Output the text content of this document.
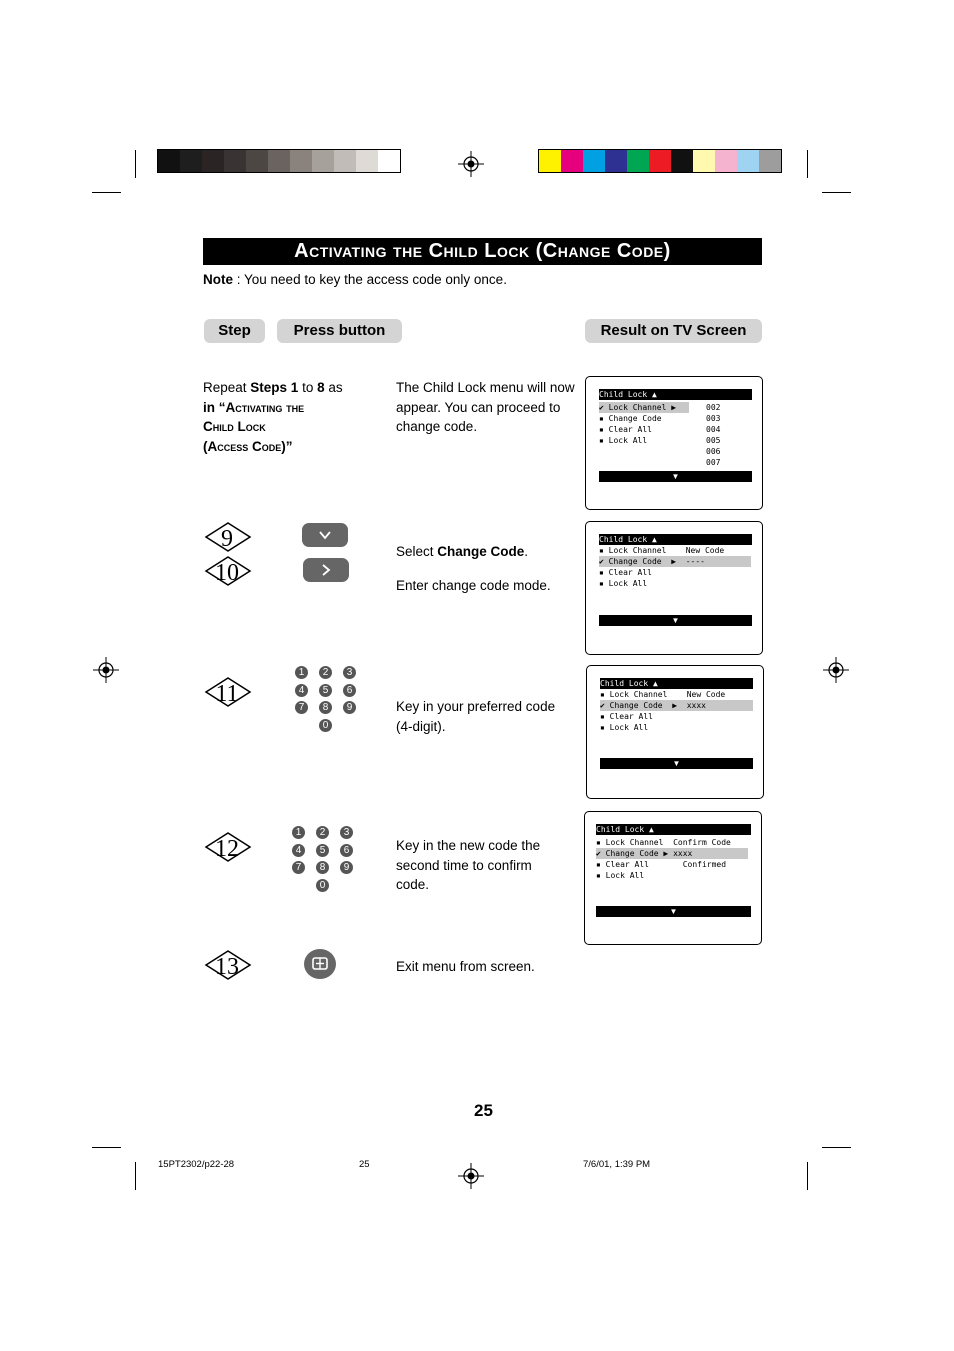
Activating the Child Lock (Change Code)
Note : You need to key the access code only once.
Step	Press button	Result on TV Screen
Repeat Steps 1 to 8 as
in “Activating the
Child Lock
(Access Code)”
The Child Lock menu will now appear. You can proceed to change code.
Child Lock ▲
✔ Lock Channel ▶
▪ Change Code
▪ Clear All
▪ Lock All
002
003
004
005
006
007
▼
9
10
Select Change Code.
Enter change code mode.
Child Lock ▲
▪ Lock Channel    New Code
✔ Change Code  ▶  ----
▪ Clear All
▪ Lock All
▼
11
1	2	3
4	5	6
7	8	9
0
Key in your preferred code (4-digit).
Child Lock ▲
▪ Lock Channel    New Code
✔ Change Code  ▶  xxxx
▪ Clear All
▪ Lock All
▼
12
1	2	3
4	5	6
7	8	9
0
Key in the new code the second time to confirm code.
Child Lock ▲
▪ Lock Channel  Confirm Code
✔ Change Code ▶ xxxx
▪ Clear All       Confirmed
▪ Lock All
▼
13	Exit menu from screen.
25
15PT2302/p22-28	25	7/6/01, 1:39 PM
